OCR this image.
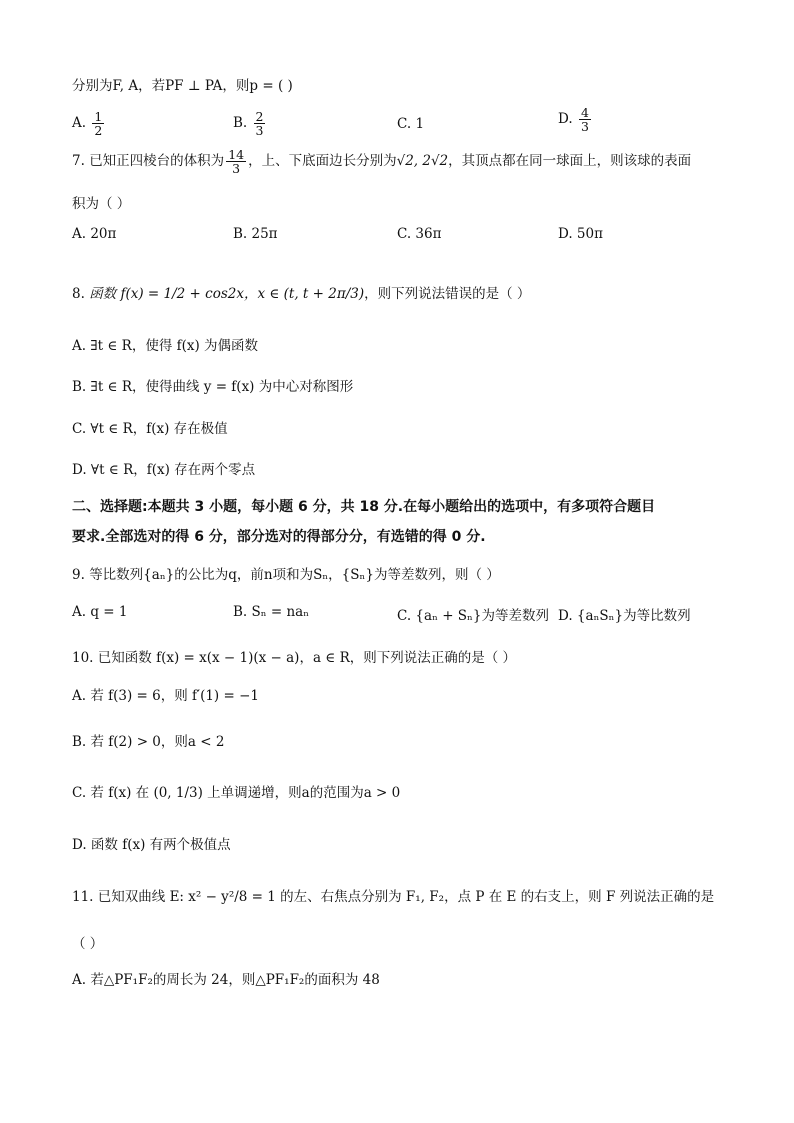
分别为F, A，若PF ⊥ PA，则p = ( )
A. $\frac{1}{2}$	B. $\frac{2}{3}$	C. 1	D. $\frac{4}{3}$
7. 已知正四棱台的体积为 $\frac{14}{3}$ ，上、下底面边长分别为√2, 2√2，其顶点都在同一球面上，则该球的表面
积为（ ）
A. 20π	B. 25π	C. 36π	D. 50π
8. 函数 f(x) = 1/2 + cos2x，x ∈ (t, t + 2π/3)，则下列说法错误的是（ ）
A. ∃t ∈ R，使得 f(x) 为偶函数
B. ∃t ∈ R，使得曲线 y = f(x) 为中心对称图形
C. ∀t ∈ R，f(x) 存在极值
D. ∀t ∈ R，f(x) 存在两个零点
二、选择题:本题共 3 小题，每小题 6 分，共 18 分.在每小题给出的选项中，有多项符合题目
要求.全部选对的得 6 分，部分选对的得部分分，有选错的得 0 分.
9. 等比数列{aₙ}的公比为q，前n项和为Sₙ，{Sₙ}为等差数列，则（ ）
A. q = 1	B. Sₙ = naₙ	C. {aₙ + Sₙ}为等差数列 D. {aₙSₙ}为等比数列
10. 已知函数 f(x) = x(x − 1)(x − a)，a ∈ R，则下列说法正确的是（ ）
A. 若 f(3) = 6，则 f′(1) = −1
B. 若 f(2) > 0，则a < 2
C. 若 f(x) 在 (0, 1/3) 上单调递增，则a的范围为a > 0
D. 函数 f(x) 有两个极值点
11. 已知双曲线 E: x² − y²/8 = 1 的左、右焦点分别为 F₁, F₂，点 P 在 E 的右支上，则 F 列说法正确的是
（ ）
A. 若△PF₁F₂的周长为 24，则△PF₁F₂的面积为 48
